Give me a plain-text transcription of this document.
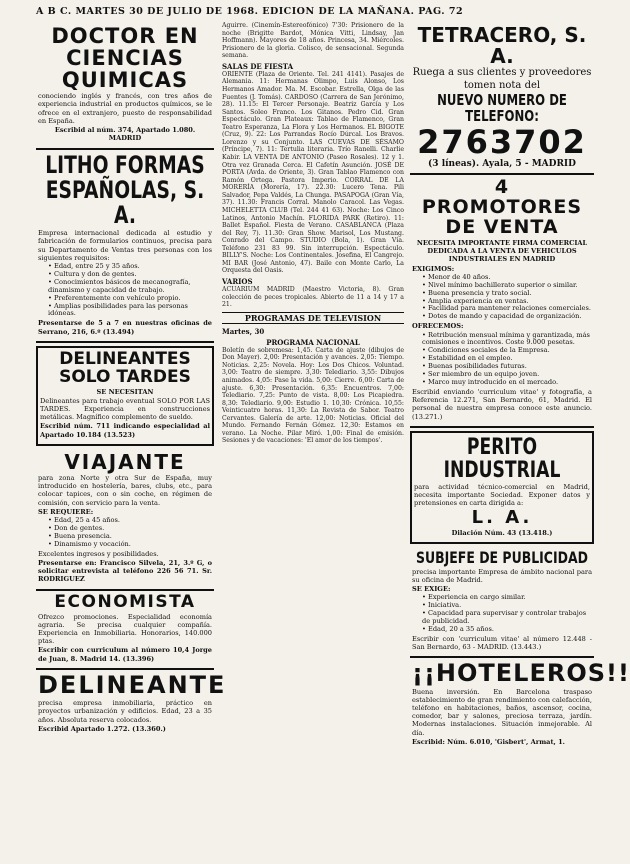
A B C. MARTES 30 DE JULIO DE 1968. EDICION DE LA MAÑANA. PAG. 72
DOCTOR EN CIENCIAS QUIMICAS
conociendo inglés y francés, con tres años de experiencia industrial en productos químicos, se le ofrece en el extranjero, puesto de responsabilidad en España.
Escribid al núm. 374, Apartado 1.080. MADRID
LITHO FORMAS ESPAÑOLAS, S. A.
Empresa internacional dedicada al estudio y fabricación de formularios continuos, precisa para su Departamento de Ventas tres personas con los siguientes requisitos:
• Edad, entre 25 y 35 años.
• Cultura y don de gentes.
• Conocimientos básicos de mecanografía, dinamismo y capacidad de trabajo.
• Preferentemente con vehículo propio.
• Amplias posibilidades para las personas idóneas.
Presentarse de 5 a 7 en nuestras oficinas de Serrano, 216, 6.º (13.494)
DELINEANTES SOLO TARDES
SE NECESITAN
Delineantes para trabajo eventual SOLO POR LAS TARDES. Experiencia en construcciones metálicas. Magnífico complemento de sueldo.
Escribid núm. 711 indicando especialidad al Apartado 10.184 (13.523)
VIAJANTE
para zona Norte y otra Sur de España, muy introducido en hostelería, bares, clubs, etc., para colocar tapices, con o sin coche, en régimen de comisión, con servicio para la venta.
SE REQUIERE:
• Edad, 25 a 45 años.
• Don de gentes.
• Buena presencia.
• Dinamismo y vocación.
Excelentes ingresos y posibilidades.
Presentarse en: Francisco Silvela, 21, 3.º G, o solicitar entrevista al teléfono 226 56 71. Sr. RODRIGUEZ
ECONOMISTA
Ofrezco promociones. Especialidad economía agraria. Se precisa cualquier compañía. Experiencia en Inmobiliaria. Honorarios, 140.000 ptas.
Escribir con curriculum al número 10,4 Jorge de Juan, 8. Madrid 14. (13.396)
DELINEANTE
precisa empresa inmobiliaria, práctico en proyectos urbanización y edificios. Edad, 23 a 35 años. Absoluta reserva colocados.
Escribid Apartado 1.272. (13.360.)
Aguirre. (Cinemín-Estereofónico) 7'30: Prisionero de la noche (Brigitte Bardot, Mónica Vitti, Lindsay, Jan Hoffmann). Mayores de 18 años. Princesa, 34. Miércoles. Prisionero de la gloria. Colisco, de sensacional. Segunda semana.
SALAS DE FIESTA
ORIENTE (Plaza de Oriente. Tel. 241 4141). Pasajes de Alemania. 11: Hermanas Olimpo, Luis Alonso, Los Hermanos Amador. Ma. M. Escobar. Estrella, Olga de las Fuentes (J. Tomás). CARDOSO (Carrera de San Jerónimo, 28). 11.15: El Tercer Personaje. Beatriz García y Los Santos. Soleo Franco. Los Gitanos. Pedro Cid. Gran Espectáculo. Gran Plateaux: Tablao de Flamenco, Gran Teatro Esperanza, La Flora y Los Hermanos. EL BIGOTE (Cruz, 9). 22: Los Parrandas Rocío Dúrcal. Los Bravos. Lorenzo y su Conjunto. LAS CUEVAS DE SÉSAMO (Príncipe, 7). 11: Tertulia literaria. Trío Ranelli. Charlie Kabir. LA VENTA DE ANTONIO (Paseo Rosales). 12 y 1. Otra vez Granada Cerca. El Cafetín Asunción. JOSÉ DE PORTA (Avda. de Oriente, 3). Gran Tablao Flamenco con Ramón Ortega. Pastora Imperio. CORRAL DE LA MORERÍA (Morería, 17). 22.30: Lucero Tena. Pili Salvador, Pepa Valdés, La Chunga. PASAPOGA (Gran Vía, 37). 11.30: Francis Corral. Manolo Caracol. Las Vegas. MICHELETTA CLUB (Tel. 244 41 63). Noche: Los Cinco Latinos, Antonio Machín. FLORIDA PARK (Retiro). 11: Ballet Español. Fiesta de Verano. CASABLANCA (Plaza del Rey, 7). 11.30: Gran Show. Marisol, Los Mustang. Conrado del Campo. STUDIO (Bola, 1). Gran Vía. Teléfono 231 83 99. Sin interrupción. Espectáculo. BILLY'S. Noche: Los Continentales. Josefina, El Cangrejo. MI BAR (José Antonio, 47). Baile con Monte Carlo, La Orquesta del Oasis.
VARIOS
ACUARIUM MADRID (Maestro Victoria, 8). Gran colección de peces tropicales. Abierto de 11 a 14 y 17 a 21.
PROGRAMAS DE TELEVISION
Martes, 30
PROGRAMA NACIONAL
Boletín de sobremesa: 1,45. Carta de ajuste (dibujos de Don Mayer). 2,00: Presentación y avances. 2,05: Tiempo. Noticias. 2,25: Novela. Hoy: Los Dos Chicos. Voluntad. 3,00: Teatro de siempre. 3,30: Telediario. 3,55: Dibujos animados. 4,05: Pase la vida. 5,00: Cierre. 6,00: Carta de ajuste. 6,30: Presentación. 6,35: Encuentros. 7,00: Telediario. 7,25: Punto de vista. 8,00: Los Picapiedra. 8,30: Telediario. 9,00: Estudio 1. 10,30: Crónica. 10,55: Veinticuatro horas. 11,30: La Revista de Sabor. Teatro Cervantes. Galería de arte. 12,00: Noticias. Oficial del Mundo. Fernando Fernán Gómez. 12,30: Estamos en verano. La Noche. Pilar Miró. 1,00: Final de emisión. Sesiones y de vacaciones: 'El amor de los tiempos'.
TETRACERO, S. A.
Ruega a sus clientes y proveedores tomen nota del
NUEVO NUMERO DE TELEFONO:
2763702
(3 líneas). Ayala, 5 - MADRID
4 PROMOTORES DE VENTA
NECESITA IMPORTANTE FIRMA COMERCIAL DEDICADA A LA VENTA DE VEHICULOS INDUSTRIALES EN MADRID
EXIGIMOS:
• Menor de 40 años.
• Nivel mínimo bachillerato superior o similar.
• Buena presencia y trato social.
• Amplia experiencia en ventas.
• Facilidad para mantener relaciones comerciales.
• Dotes de mando y capacidad de organización.
OFRECEMOS:
• Retribución mensual mínima y garantizada, más comisiones e incentivos. Coste 9.000 pesetas.
• Condiciones sociales de la Empresa.
• Estabilidad en el empleo.
• Buenas posibilidades futuras.
• Ser miembro de un equipo joven.
• Marco muy introducido en el mercado.
Escribid enviando 'curriculum vitae' y fotografía, a Referencia 12.271, San Bernardo, 61, Madrid. El personal de nuestra empresa conoce este anuncio. (13.271.)
PERITO INDUSTRIAL
para actividad técnico-comercial en Madrid, necesita importante Sociedad. Exponer datos y pretensiones en carta dirigida a:
L. A.
Dilación Núm. 43 (13.418.)
SUBJEFE DE PUBLICIDAD
precisa importante Empresa de ámbito nacional para su oficina de Madrid.
SE EXIGE:
• Experiencia en cargo similar.
• Iniciativa.
• Capacidad para supervisar y controlar trabajos de publicidad.
• Edad, 20 a 35 años.
Escribir con 'curriculum vitae' al número 12.448 - San Bernardo, 63 - MADRID. (13.443.)
¡¡HOTELEROS!!
Buena inversión. En Barcelona traspaso establecimiento de gran rendimiento con calefacción, teléfono en habitaciones, baños, ascensor, cocina, comedor, bar y salones, preciosa terraza, jardín. Modernas instalaciones. Situación inmejorable. Al día.
Escribid: Núm. 6.010, 'Gisbert', Armat, 1.
